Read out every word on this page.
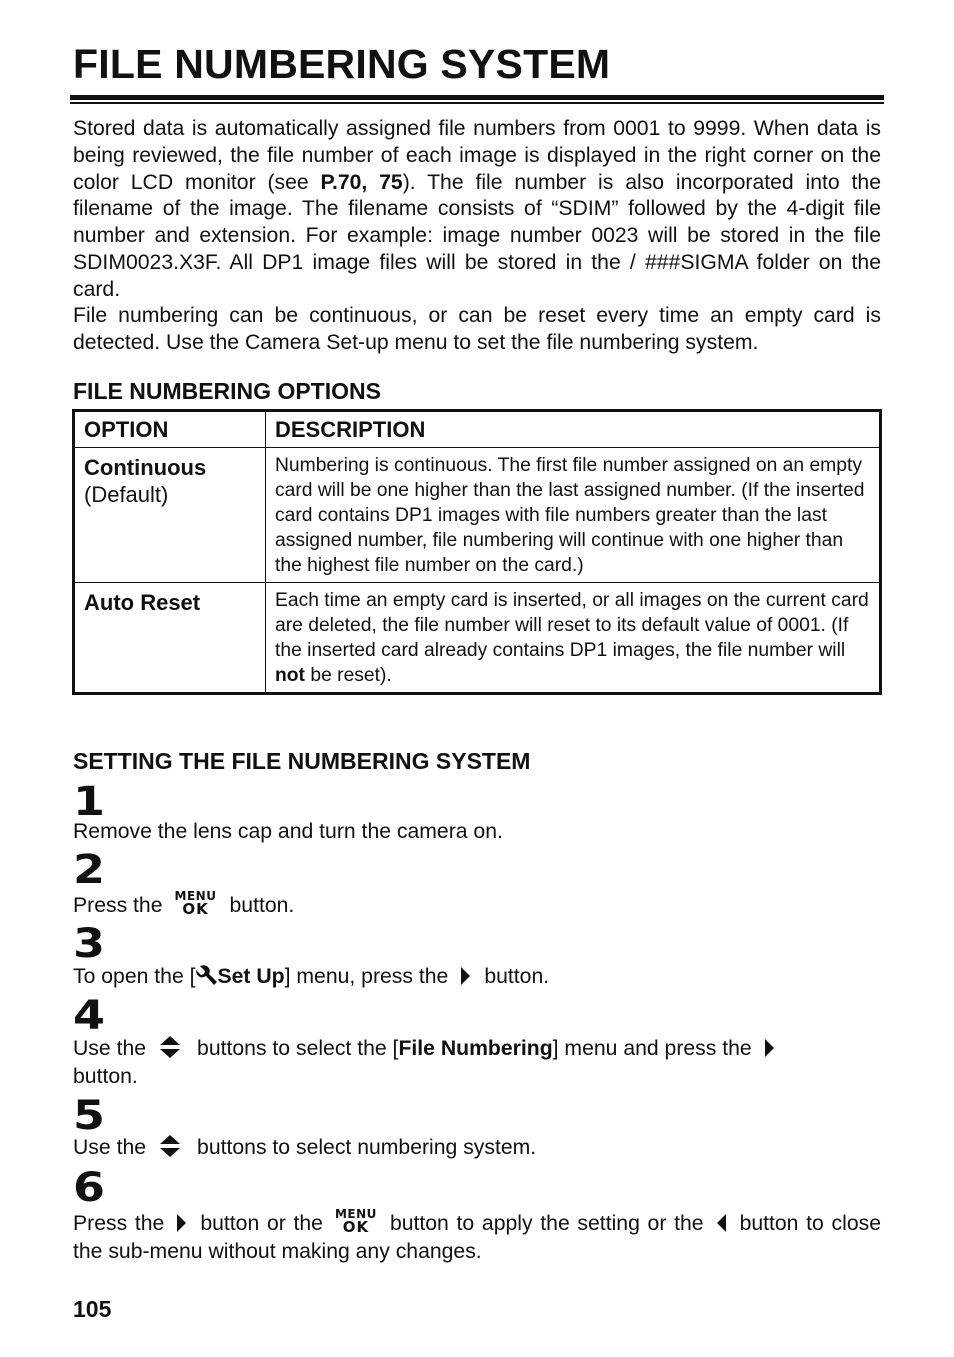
FILE NUMBERING SYSTEM

Stored data is automatically assigned file numbers from 0001 to 9999. When data is being reviewed, the file number of each image is displayed in the right corner on the color LCD monitor (see P.70, 75). The file number is also incorporated into the filename of the image. The filename consists of “SDIM” followed by the 4-digit file number and extension. For example: image number 0023 will be stored in the file SDIM0023.X3F. All DP1 image files will be stored in the / ###SIGMA folder on the card.

File numbering can be continuous, or can be reset every time an empty card is detected. Use the Camera Set-up menu to set the file numbering system.

FILE NUMBERING OPTIONS
OPTION	DESCRIPTION

Continuous
(Default)	Numbering is continuous. The first file number assigned on an empty card will be one higher than the last assigned number. (If the inserted card contains DP1 images with file numbers greater than the last assigned number, file numbering will continue with one higher than the highest file number on the card.)

Auto Reset	Each time an empty card is inserted, or all images on the current card are deleted, the file number will reset to its default value of 0001. (If the inserted card already contains DP1 images, the file number will not be reset).
SETTING THE FILE NUMBERING SYSTEM
1

Remove the lens cap and turn the camera on.

2

Press the MENU
OK button.

3

To open the [ Set Up] menu, press the button.

4

Use the buttons to select the [File Numbering] menu and press the
button.

5

Use the buttons to select numbering system.

6

Press the button or the MENU
OK button to apply the setting or the button to close the sub-menu without making any changes.

105
